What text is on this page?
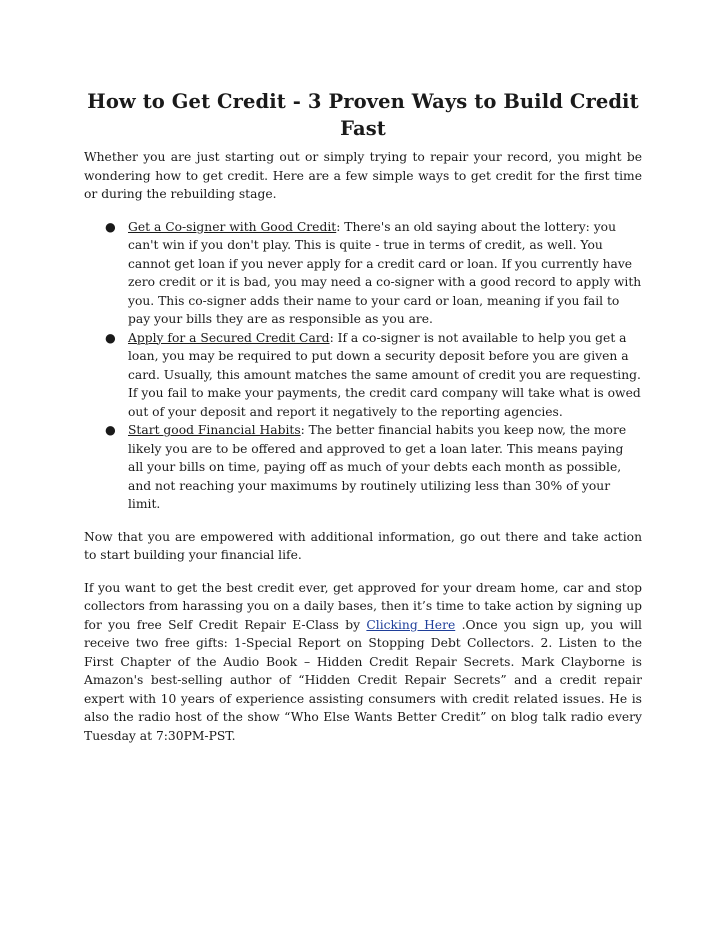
How to Get Credit - 3 Proven Ways to Build Credit Fast

Whether you are just starting out or simply trying to repair your record, you might be wondering how to get credit. Here are a few simple ways to get credit for the first time or during the rebuilding stage.

● Get a Co-signer with Good Credit: There's an old saying about the lottery: you can't win if you don't play. This is quite - true in terms of credit, as well. You cannot get loan if you never apply for a credit card or loan. If you currently have zero credit or it is bad, you may need a co-signer with a good record to apply with you. This co-signer adds their name to your card or loan, meaning if you fail to pay your bills they are as responsible as you are.
● Apply for a Secured Credit Card: If a co-signer is not available to help you get a loan, you may be required to put down a security deposit before you are given a card. Usually, this amount matches the same amount of credit you are requesting. If you fail to make your payments, the credit card company will take what is owed out of your deposit and report it negatively to the reporting agencies.
● Start good Financial Habits: The better financial habits you keep now, the more likely you are to be offered and approved to get a loan later. This means paying all your bills on time, paying off as much of your debts each month as possible, and not reaching your maximums by routinely utilizing less than 30% of your limit.

Now that you are empowered with additional information, go out there and take action to start building your financial life.

If you want to get the best credit ever, get approved for your dream home, car and stop collectors from harassing you on a daily bases, then it’s time to take action by signing up for you free Self Credit Repair E-Class by Clicking Here .Once you sign up, you will receive two free gifts: 1-Special Report on Stopping Debt Collectors. 2. Listen to the First Chapter of the Audio Book – Hidden Credit Repair Secrets. Mark Clayborne is Amazon's best-selling author of “Hidden Credit Repair Secrets” and a credit repair expert with 10 years of experience assisting consumers with credit related issues. He is also the radio host of the show “Who Else Wants Better Credit” on blog talk radio every Tuesday at 7:30PM-PST.
